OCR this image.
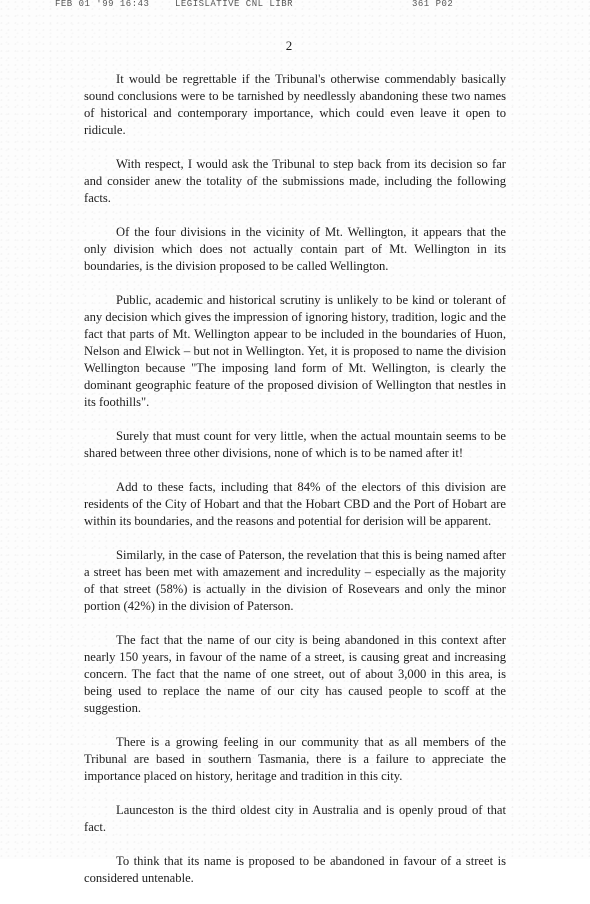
FEB 01 '99 16:43	LEGISLATIVE CNL LIBR	361 P02
2

It would be regrettable if the Tribunal's otherwise commendably basically sound conclusions were to be tarnished by needlessly abandoning these two names of historical and contemporary importance, which could even leave it open to ridicule.

With respect, I would ask the Tribunal to step back from its decision so far and consider anew the totality of the submissions made, including the following facts.

Of the four divisions in the vicinity of Mt. Wellington, it appears that the only division which does not actually contain part of Mt. Wellington in its boundaries, is the division proposed to be called Wellington.

Public, academic and historical scrutiny is unlikely to be kind or tolerant of any decision which gives the impression of ignoring history, tradition, logic and the fact that parts of Mt. Wellington appear to be included in the boundaries of Huon, Nelson and Elwick – but not in Wellington. Yet, it is proposed to name the division Wellington because "The imposing land form of Mt. Wellington, is clearly the dominant geographic feature of the proposed division of Wellington that nestles in its foothills".

Surely that must count for very little, when the actual mountain seems to be shared between three other divisions, none of which is to be named after it!

Add to these facts, including that 84% of the electors of this division are residents of the City of Hobart and that the Hobart CBD and the Port of Hobart are within its boundaries, and the reasons and potential for derision will be apparent.

Similarly, in the case of Paterson, the revelation that this is being named after a street has been met with amazement and incredulity – especially as the majority of that street (58%) is actually in the division of Rosevears and only the minor portion (42%) in the division of Paterson.

The fact that the name of our city is being abandoned in this context after nearly 150 years, in favour of the name of a street, is causing great and increasing concern. The fact that the name of one street, out of about 3,000 in this area, is being used to replace the name of our city has caused people to scoff at the suggestion.

There is a growing feeling in our community that as all members of the Tribunal are based in southern Tasmania, there is a failure to appreciate the importance placed on history, heritage and tradition in this city.

Launceston is the third oldest city in Australia and is openly proud of that fact.

To think that its name is proposed to be abandoned in favour of a street is considered untenable.
